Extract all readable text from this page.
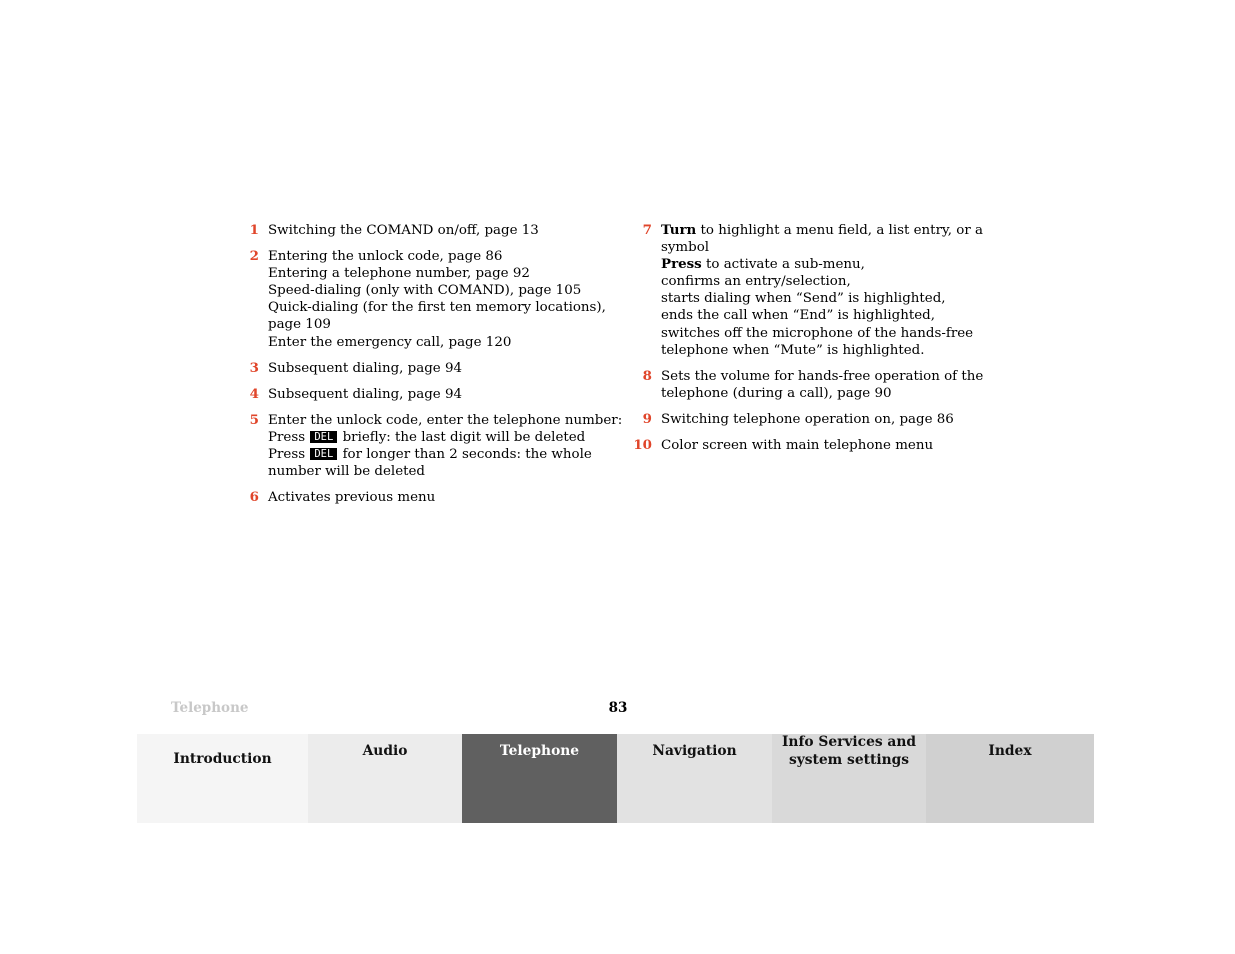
1 Switching the COMAND on/off, page 13
2 Entering the unlock code, page 86
Entering a telephone number, page 92
Speed-dialing (only with COMAND), page 105
Quick-dialing (for the first ten memory locations),
page 109
Enter the emergency call, page 120
3 Subsequent dialing, page 94
4 Subsequent dialing, page 94
5 Enter the unlock code, enter the telephone number:
Press DEL briefly: the last digit will be deleted
Press DEL for longer than 2 seconds: the whole
number will be deleted
6 Activates previous menu
7 Turn to highlight a menu field, a list entry, or a
symbol
Press to activate a sub-menu,
confirms an entry/selection,
starts dialing when “Send” is highlighted,
ends the call when “End” is highlighted,
switches off the microphone of the hands-free
telephone when “Mute” is highlighted.
8 Sets the volume for hands-free operation of the
telephone (during a call), page 90
9 Switching telephone operation on, page 86
10 Color screen with main telephone menu
Telephone	83
Introduction	Audio	Telephone	Navigation
Info Services and
system settings
Index
